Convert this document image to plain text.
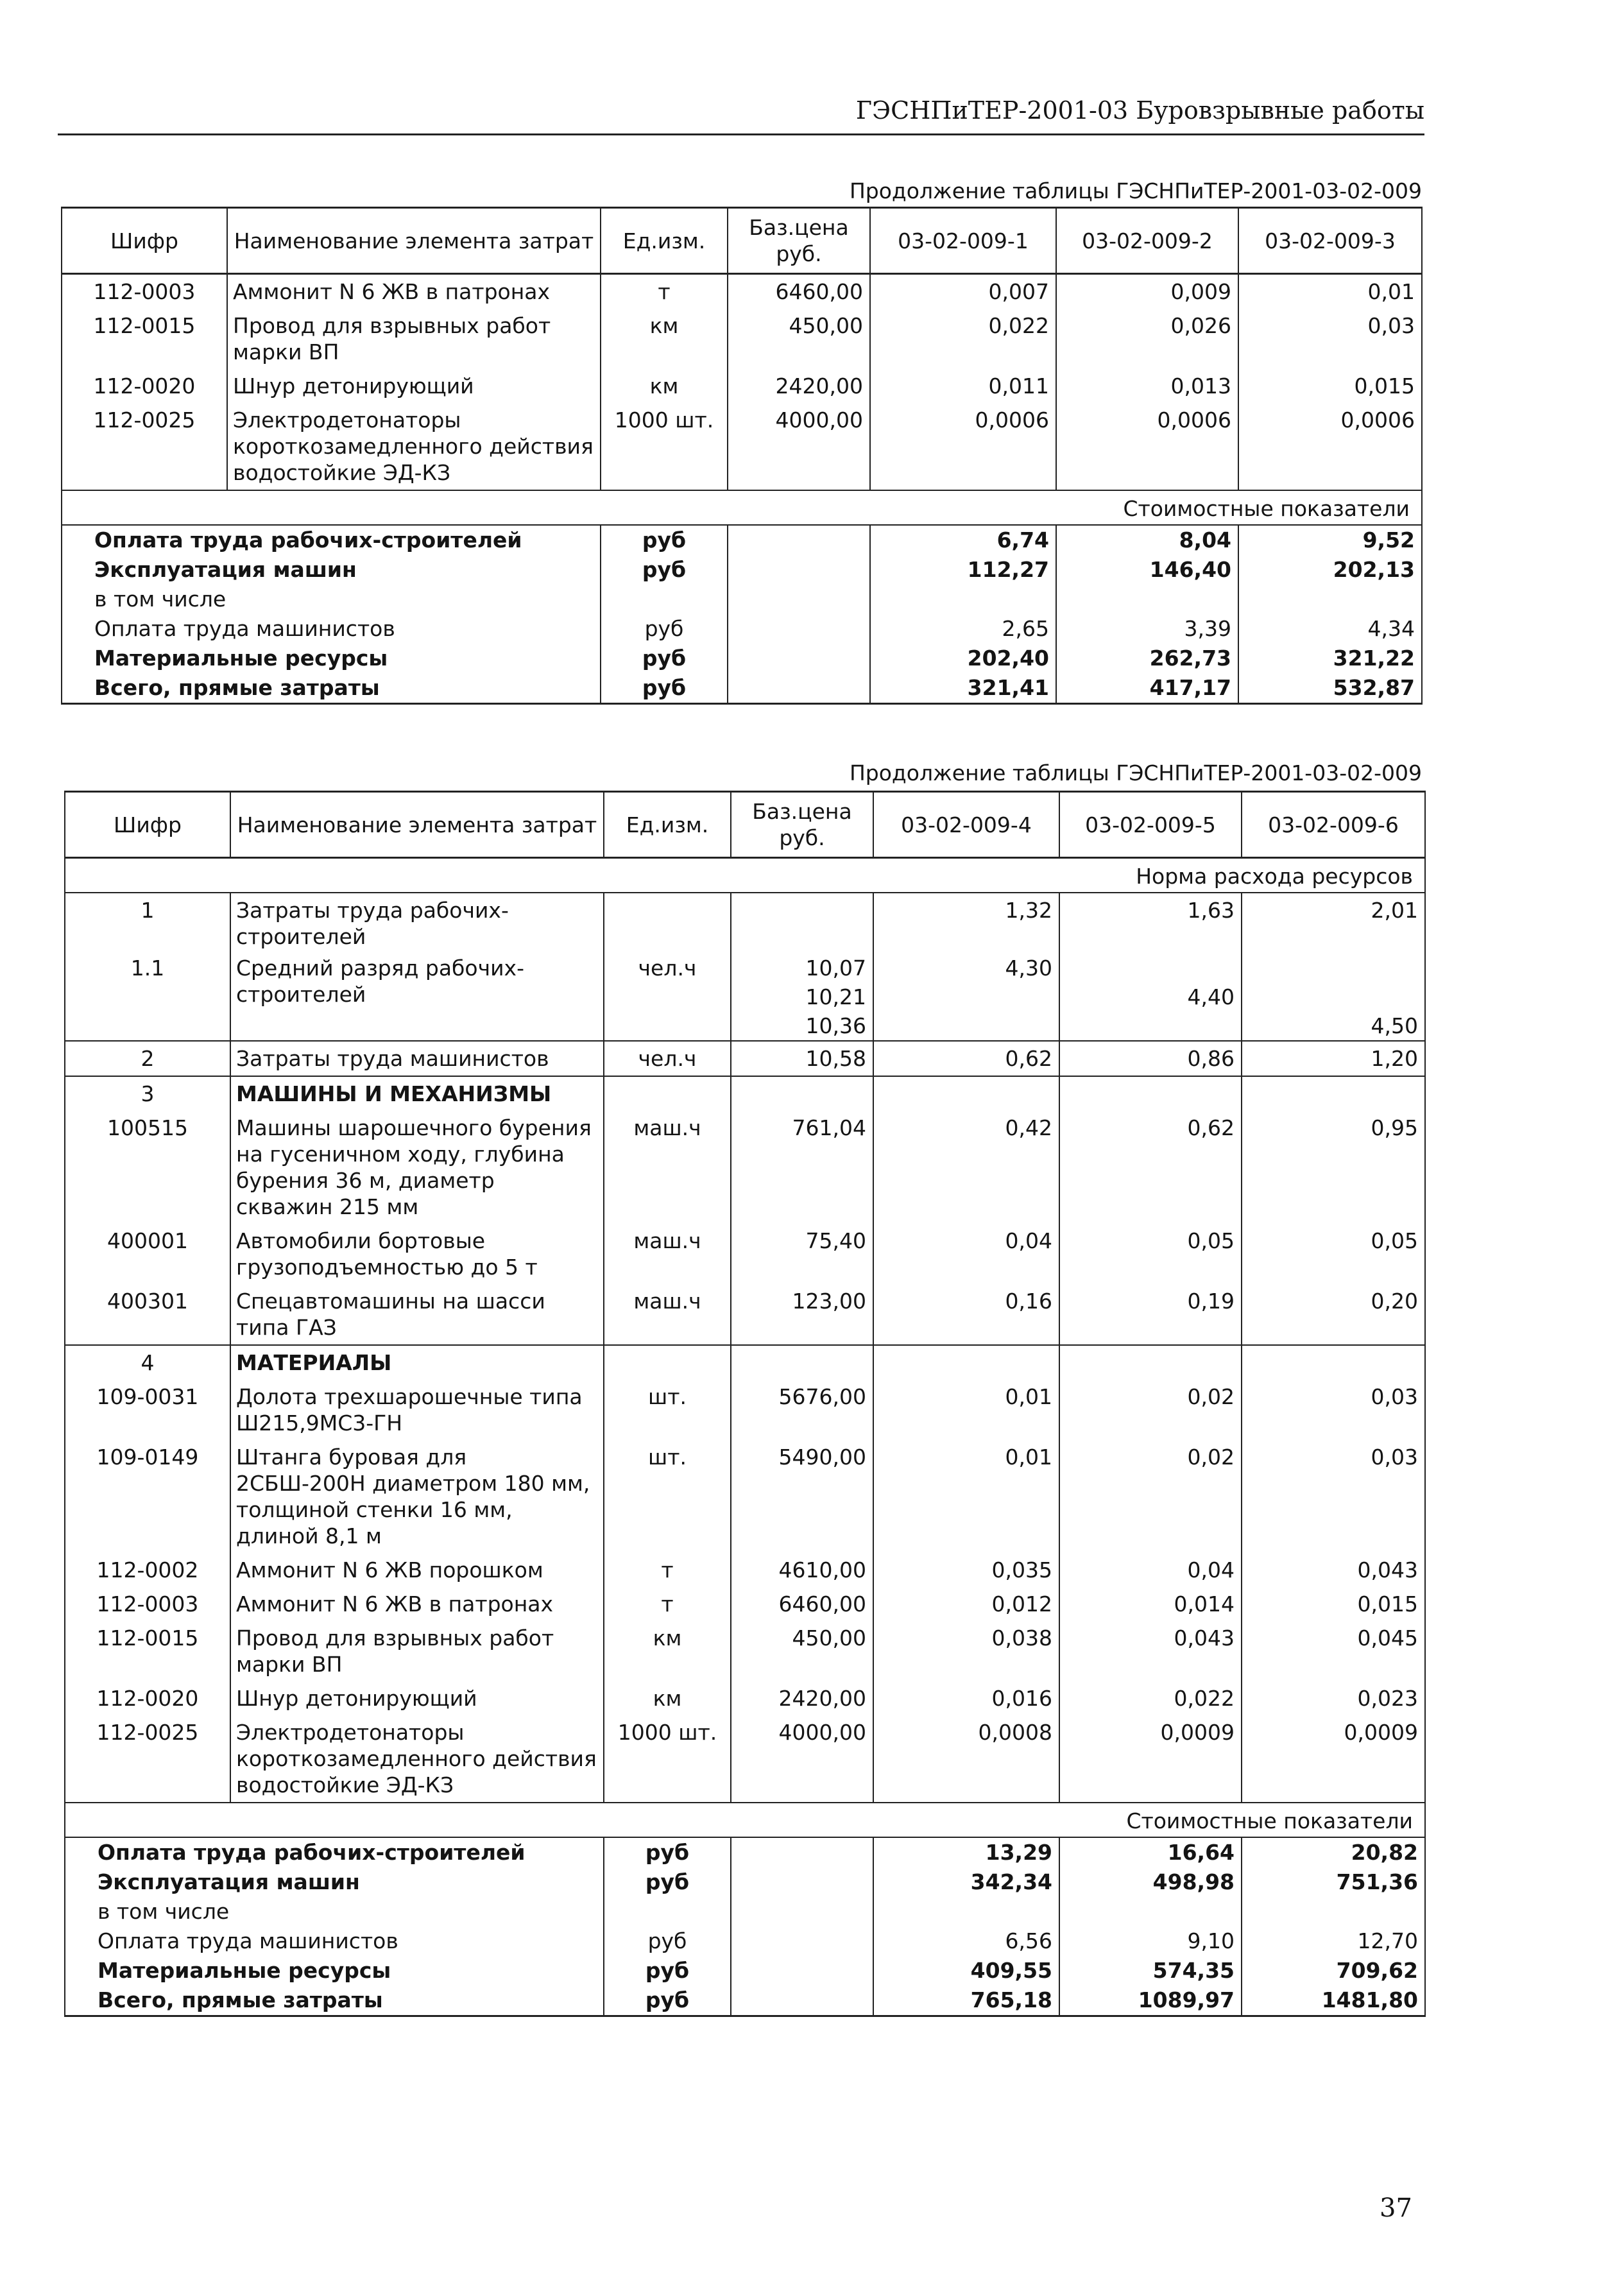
ГЭСНПиТЕР-2001-03 Буровзрывные работы
Продолжение таблицы ГЭСНПиТЕР-2001-03-02-009
Шифр	Наименование элемента затрат	Ед.изм.	Баз.цена руб.	03-02-009-1	03-02-009-2	03-02-009-3
112-0003	Аммонит N 6 ЖВ в патронах	т	6460,00	0,007	0,009	0,01
112-0015	Провод для взрывных работ марки ВП	км	450,00	0,022	0,026	0,03
112-0020	Шнур детонирующий	км	2420,00	0,011	0,013	0,015
112-0025	Электродетонаторы короткозамедленного действия водостойкие ЭД-КЗ	1000 шт.	4000,00	0,0006	0,0006	0,0006
Стоимостные показатели						
Оплата труда рабочих-строителей		руб		6,74	8,04	9,52
Эксплуатация машин		руб		112,27	146,40	202,13
в том числе						
Оплата труда машинистов		руб		2,65	3,39	4,34
Материальные ресурсы		руб		202,40	262,73	321,22
Всего, прямые затраты		руб		321,41	417,17	532,87
Продолжение таблицы ГЭСНПиТЕР-2001-03-02-009
Шифр	Наименование элемента затрат	Ед.изм.	Баз.цена руб.	03-02-009-4	03-02-009-5	03-02-009-6
Норма расхода ресурсов						
1	Затраты труда рабочих-строителей			1,32	1,63	2,01
1.1	Средний разряд рабочих-строителей	чел.ч	10,07	4,30		
			10,21		4,40	
			10,36			4,50
2	Затраты труда машинистов	чел.ч	10,58	0,62	0,86	1,20
3	МАШИНЫ И МЕХАНИЗМЫ					
100515	Машины шарошечного бурения на гусеничном ходу, глубина бурения 36 м, диаметр скважин 215 мм	маш.ч	761,04	0,42	0,62	0,95
400001	Автомобили бортовые грузоподъемностью до 5 т	маш.ч	75,40	0,04	0,05	0,05
400301	Спецавтомашины на шасси типа ГАЗ	маш.ч	123,00	0,16	0,19	0,20
4	МАТЕРИАЛЫ					
109-0031	Долота трехшарошечные типа Ш215,9МС3-ГН	шт.	5676,00	0,01	0,02	0,03
109-0149	Штанга буровая для 2СБШ-200Н диаметром 180 мм, толщиной стенки 16 мм, длиной 8,1 м	шт.	5490,00	0,01	0,02	0,03
112-0002	Аммонит N 6 ЖВ порошком	т	4610,00	0,035	0,04	0,043
112-0003	Аммонит N 6 ЖВ в патронах	т	6460,00	0,012	0,014	0,015
112-0015	Провод для взрывных работ марки ВП	км	450,00	0,038	0,043	0,045
112-0020	Шнур детонирующий	км	2420,00	0,016	0,022	0,023
112-0025	Электродетонаторы короткозамедленного действия водостойкие ЭД-КЗ	1000 шт.	4000,00	0,0008	0,0009	0,0009
Стоимостные показатели						
Оплата труда рабочих-строителей		руб		13,29	16,64	20,82
Эксплуатация машин		руб		342,34	498,98	751,36
в том числе						
Оплата труда машинистов		руб		6,56	9,10	12,70
Материальные ресурсы		руб		409,55	574,35	709,62
Всего, прямые затраты		руб		765,18	1089,97	1481,80
37
